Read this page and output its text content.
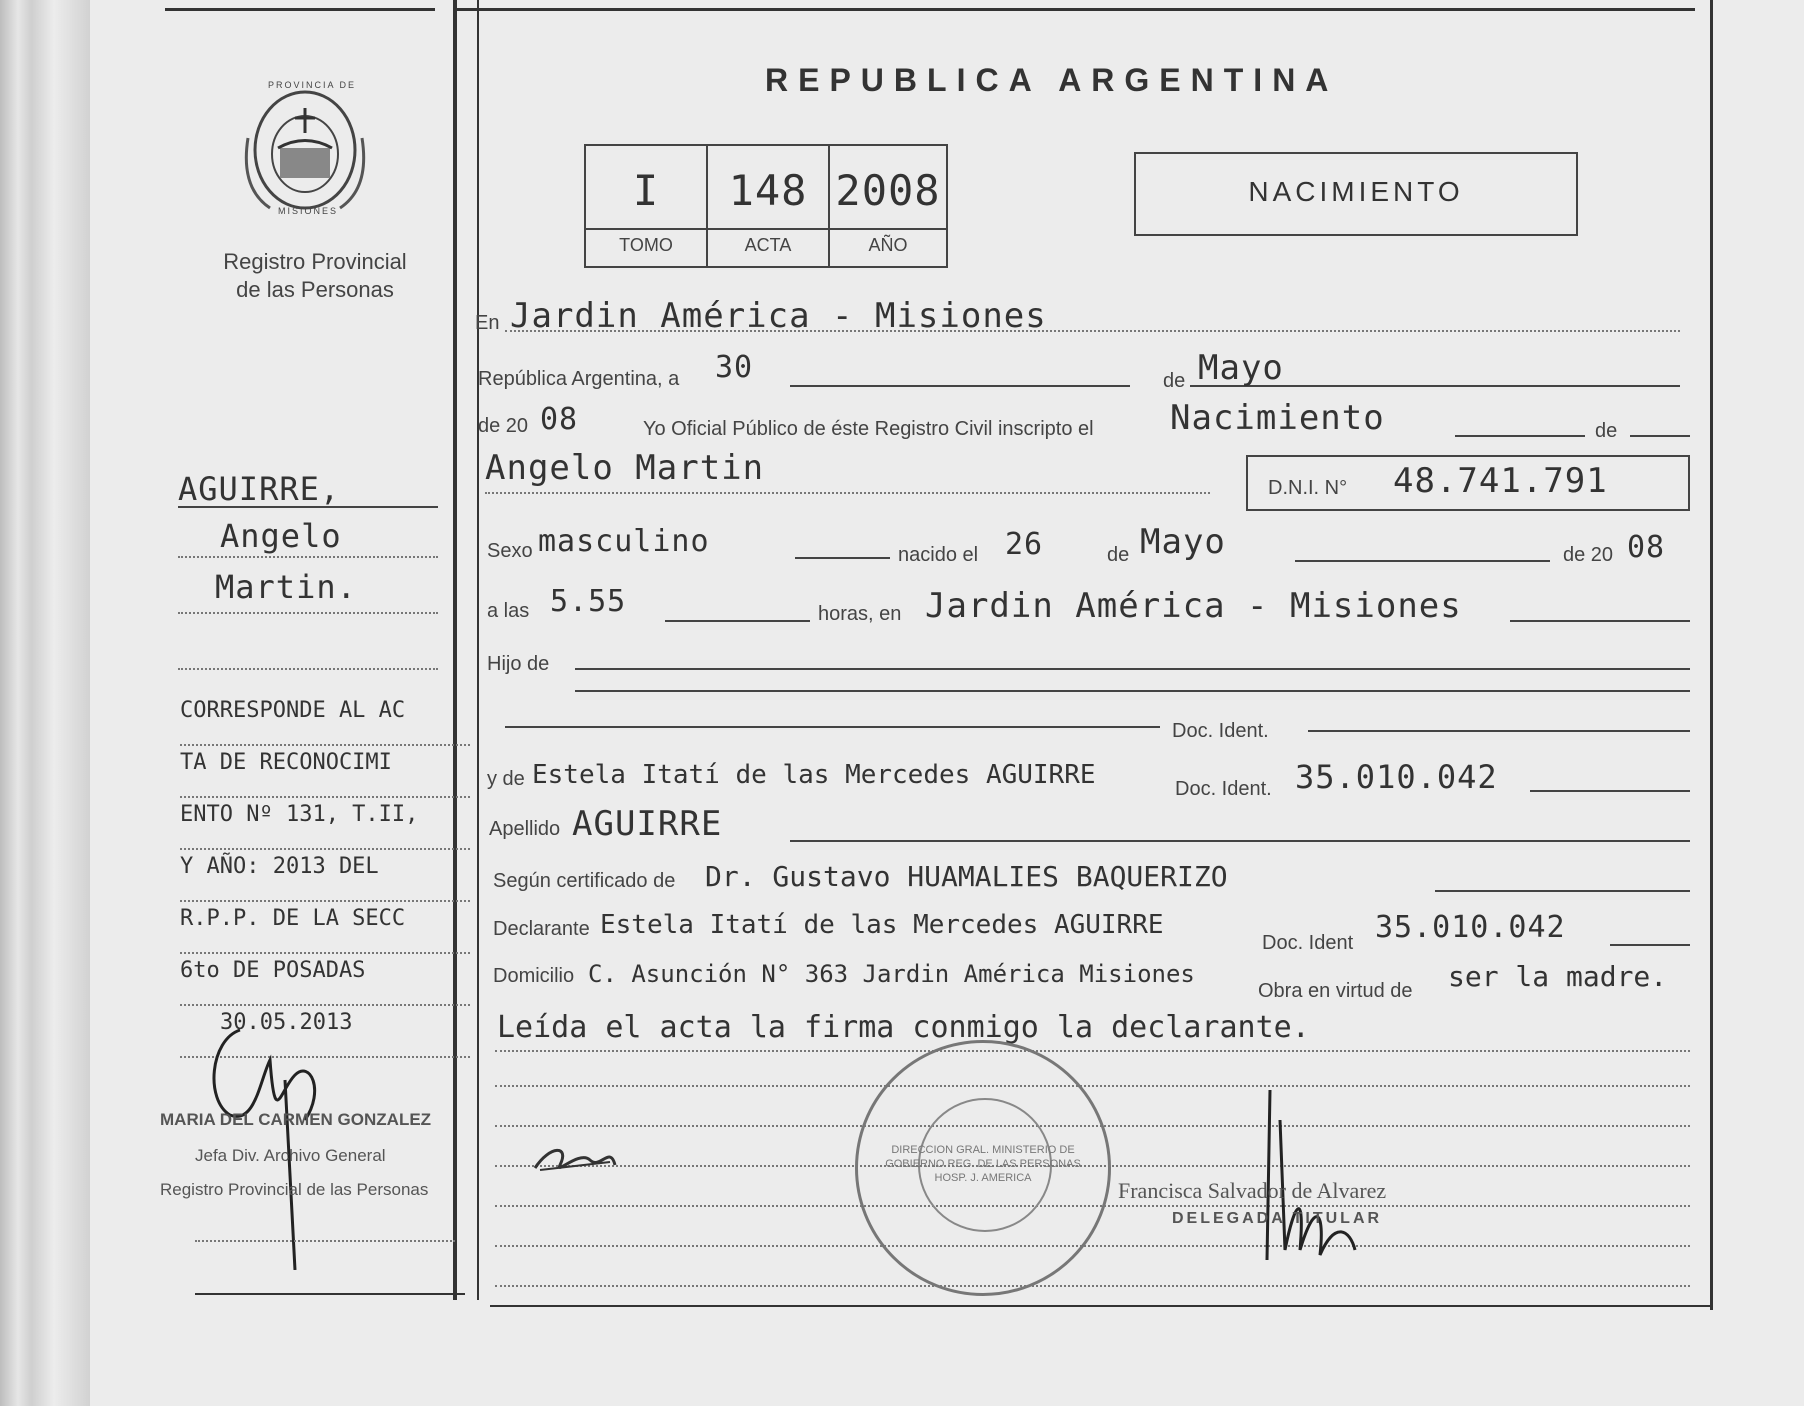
PROVINCIA DE
MISIONES
Registro Provincial
de las Personas
REPUBLICA ARGENTINA
I	148 2008
TOMO	ACTA	AÑO
NACIMIENTO
En Jardin América - Misiones
República Argentina, a 30	de Mayo
de 20 08	Yo Oficial Público de éste Registro Civil inscripto el Nacimiento	de
Angelo Martin	D.N.I. N° 48.741.791
Sexo masculino	nacido el 26	de Mayo	de 20 08
a las 5.55	horas, en Jardin América - Misiones
Hijo de
Doc. Ident.
y de Estela Itatí de las Mercedes AGUIRRE	Doc. Ident. 35.010.042
Apellido AGUIRRE
Según certificado de Dr. Gustavo HUAMALIES BAQUERIZO
Declarante Estela Itatí de las Mercedes AGUIRRE
Doc. Ident 35.010.042
Domicilio C. Asunción N° 363 Jardin América Misiones
Obra en virtud de ser la madre.
Leída el acta la firma conmigo la declarante.
DIRECCION GRAL. MINISTERIO DE GOBIERNO REG. DE LAS PERSONAS HOSP. J. AMERICA	Francisca Salvador de Alvarez
DELEGADA TITULAR
AGUIRRE,
Angelo
Martin.
CORRESPONDE AL AC
TA DE RECONOCIMI
ENTO Nº 131, T.II,
Y AÑO: 2013 DEL
R.P.P. DE LA SECC
6to DE POSADAS
30.05.2013
MARIA DEL CARMEN GONZALEZ
Jefa Div. Archivo General
Registro Provincial de las Personas
